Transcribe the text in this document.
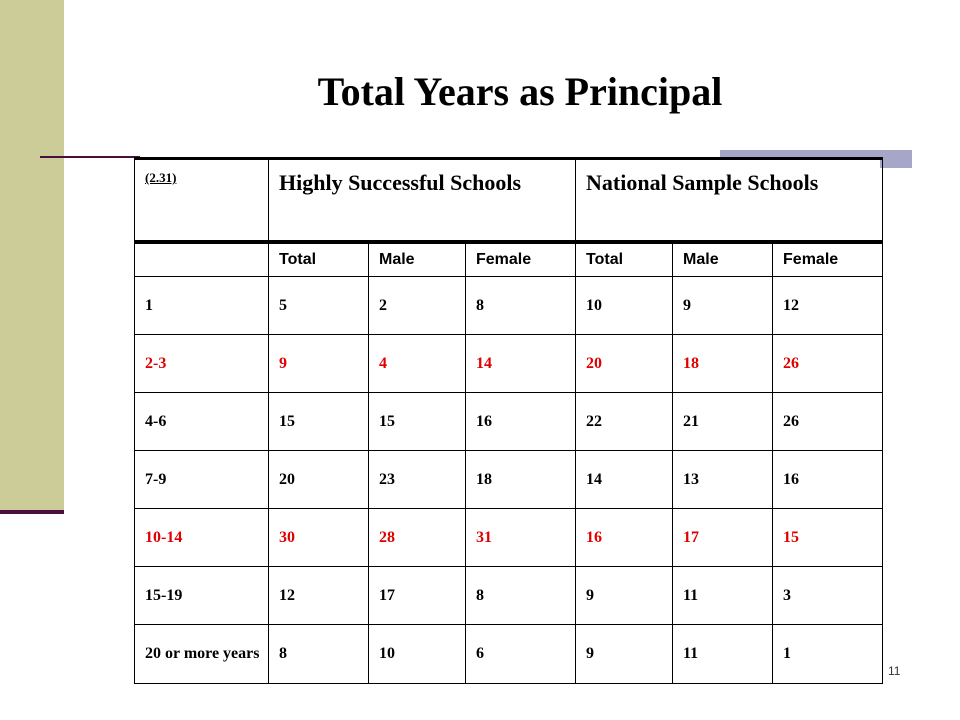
Total Years as Principal
(2.31)	Highly Successful Schools			National Sample Schools		
	Total	Male	Female	Total	Male	Female
1	5	2	8	10	9	12
2-3	9	4	14	20	18	26
4-6	15	15	16	22	21	26
7-9	20	23	18	14	13	16
10-14	30	28	31	16	17	15
15-19	12	17	8	9	11	3
20 or more years	8	10	6	9	11	1
11
